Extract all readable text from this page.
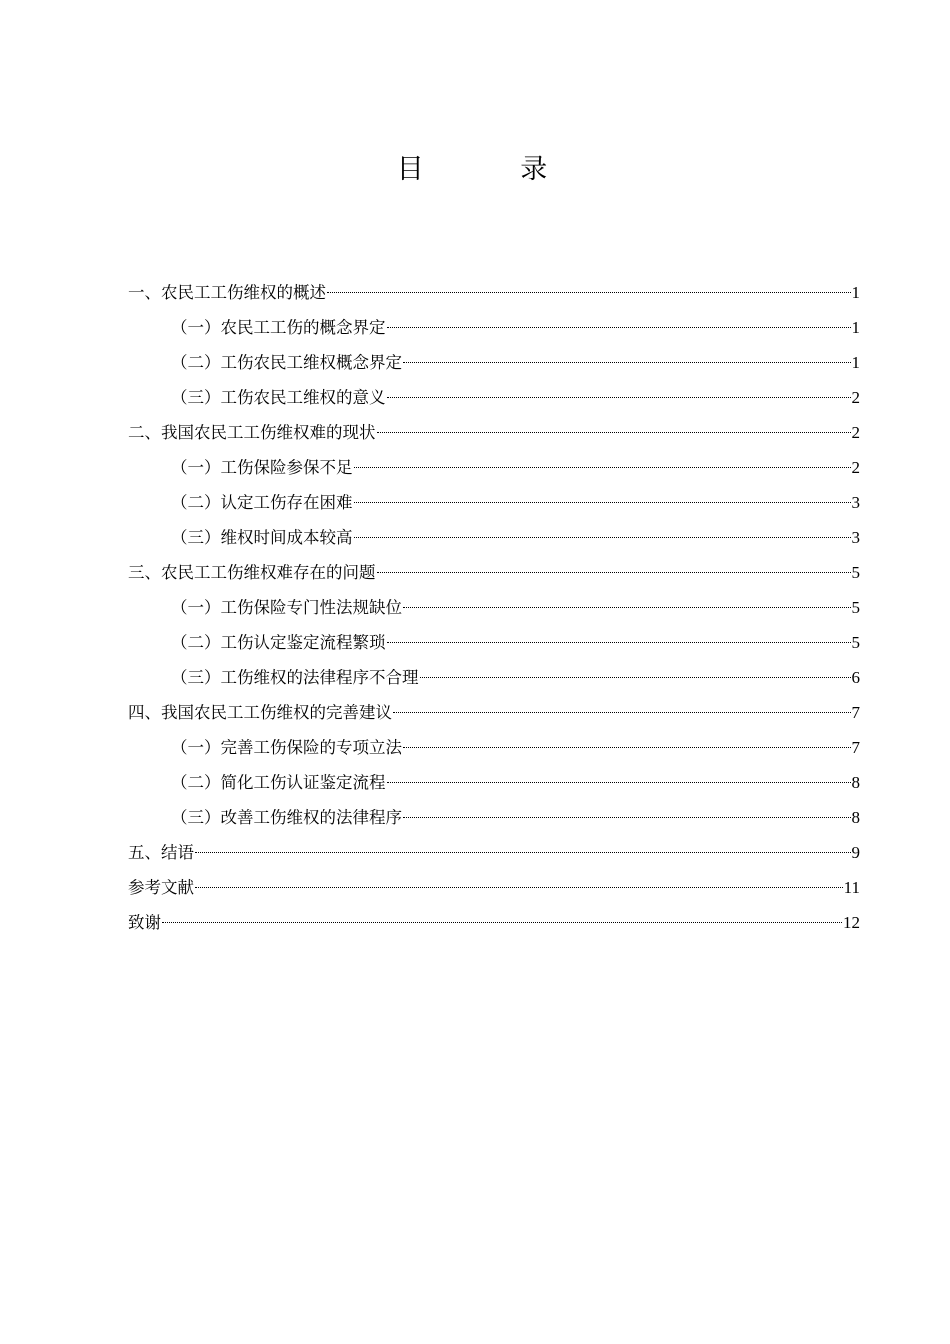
目 录
一、农民工工伤维权的概述	1
（一）农民工工伤的概念界定	1
（二）工伤农民工维权概念界定	1
（三）工伤农民工维权的意义	2
二、我国农民工工伤维权难的现状	2
（一）工伤保险参保不足	2
（二）认定工伤存在困难	3
（三）维权时间成本较高	3
三、农民工工伤维权难存在的问题	5
（一）工伤保险专门性法规缺位	5
（二）工伤认定鉴定流程繁琐	5
（三）工伤维权的法律程序不合理	6
四、我国农民工工伤维权的完善建议	7
（一）完善工伤保险的专项立法	7
（二）简化工伤认证鉴定流程	8
（三）改善工伤维权的法律程序	8
五、结语	9
参考文献	11
致谢	12
